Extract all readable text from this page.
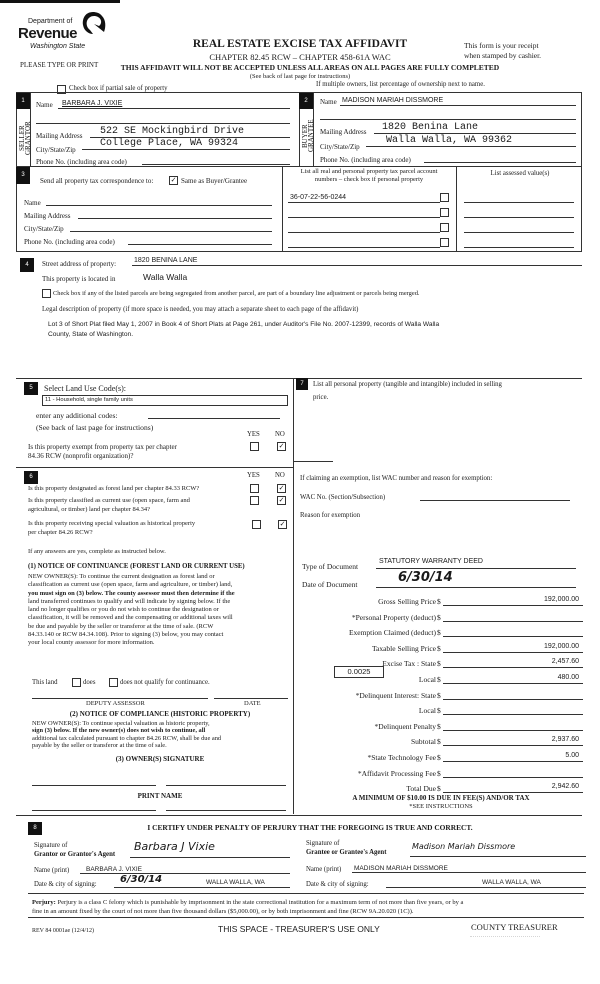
Department of
Revenue
Washington State
PLEASE TYPE OR PRINT
REAL ESTATE EXCISE TAX AFFIDAVIT
CHAPTER 82.45 RCW – CHAPTER 458-61A WAC
This form is your receipt
when stamped by cashier.
THIS AFFIDAVIT WILL NOT BE ACCEPTED UNLESS ALL AREAS ON ALL PAGES ARE FULLY COMPLETED
(See back of last page for instructions)
Check box if partial sale of property
If multiple owners, list percentage of ownership next to name.
1
SELLER
GRANTOR
Name	BARBARA J. VIXIE
Mailing Address	522 SE Mockingbird Drive
City/State/Zip
College Place, WA 99324
Phone No. (including area code)
2
BUYER
GRANTEE
Name MADISON MARIAH DISSMORE
Mailing Address	1820 Benina Lane
City/State/Zip
Walla Walla, WA 99362
Phone No. (including area code)
3
Send all property tax correspondence to: ✓ Same as Buyer/Grantee
Name
Mailing Address
City/State/Zip
Phone No. (including area code)
List all real and personal property tax parcel account
numbers – check box if personal property
List assessed value(s)
36-07-22-56-0244
4	Street address of property:	1820 BENINA LANE
This property is located in	Walla Walla
Check box if any of the listed parcels are being segregated from another parcel, are part of a boundary line adjustment or parcels being merged.
Legal description of property (if more space is needed, you may attach a separate sheet to each page of the affidavit)
Lot 3 of Short Plat filed May 1, 2007 in Book 4 of Short Plats at Page 261, under Auditor's File No. 2007-12399, records of Walla Walla
County, State of Washington.
5	Select Land Use Code(s):
11 - Household, single family units
enter any additional codes:
(See back of last page for instructions)
YES NO
Is this property exempt from property tax per chapter
84.36 RCW (nonprofit organization)?
✓
6	YES NO
Is this property designated as forest land per chapter 84.33 RCW?	✓
Is this property classified as current use (open space, farm and
agricultural, or timber) land per chapter 84.34?
✓
Is this property receiving special valuation as historical property
per chapter 84.26 RCW?
✓
If any answers are yes, complete as instructed below.
(1) NOTICE OF CONTINUANCE (FOREST LAND OR CURRENT USE)
NEW OWNER(S): To continue the current designation as forest land or
classification as current use (open space, farm and agriculture, or timber) land,
you must sign on (3) below. The county assessor must then determine if the
land transferred continues to qualify and will indicate by signing below. If the
land no longer qualifies or you do not wish to continue the designation or
classification, it will be removed and the compensating or additional taxes will
be due and payable by the seller or transferor at the time of sale. (RCW
84.33.140 or RCW 84.34.108). Prior to signing (3) below, you may contact
your local county assessor for more information.
This land	does	does not qualify for continuance.
DEPUTY ASSESSOR	DATE
(2) NOTICE OF COMPLIANCE (HISTORIC PROPERTY)
NEW OWNER(S): To continue special valuation as historic property,
sign (3) below. If the new owner(s) does not wish to continue, all
additional tax calculated pursuant to chapter 84.26 RCW, shall be due and
payable by the seller or transferor at the time of sale.
(3) OWNER(S) SIGNATURE
PRINT NAME
7	List all personal property (tangible and intangible) included in selling
price.
If claiming an exemption, list WAC number and reason for exemption:
WAC No. (Section/Subsection)
Reason for exemption
Type of Document
STATUTORY WARRANTY DEED
Date of Document	6/30/14
Gross Selling Price $	192,000.00
*Personal Property (deduct) $
Exemption Claimed (deduct) $
Taxable Selling Price $	192,000.00
Excise Tax : State $	2,457.60
Local $	480.00
*Delinquent Interest: State $
Local $
*Delinquent Penalty $
Subtotal $	2,937.60
*State Technology Fee $	5.00
*Affidavit Processing Fee $
Total Due $	2,942.60
0.0025
A MINIMUM OF $10.00 IS DUE IN FEE(S) AND/OR TAX
*SEE INSTRUCTIONS
8	I CERTIFY UNDER PENALTY OF PERJURY THAT THE FOREGOING IS TRUE AND CORRECT.
Signature of
Grantor or Grantor's Agent
Barbara J Vixie
Name (print)	BARBARA J. VIXIE
Date & city of signing:	6/30/14	WALLA WALLA, WA
Signature of
Grantee or Grantee's Agent
Madison Mariah Dissmore
Name (print)	MADISON MARIAH DISSMORE
Date & city of signing:	WALLA WALLA, WA
Perjury: Perjury is a class C felony which is punishable by imprisonment in the state correctional institution for a maximum term of not more than five years, or by a
fine in an amount fixed by the court of not more than five thousand dollars ($5,000.00), or by both imprisonment and fine (RCW 9A.20.020 (1C)).
REV 84 0001ae (12/4/12)	THIS SPACE - TREASURER'S USE ONLY	COUNTY TREASURER
